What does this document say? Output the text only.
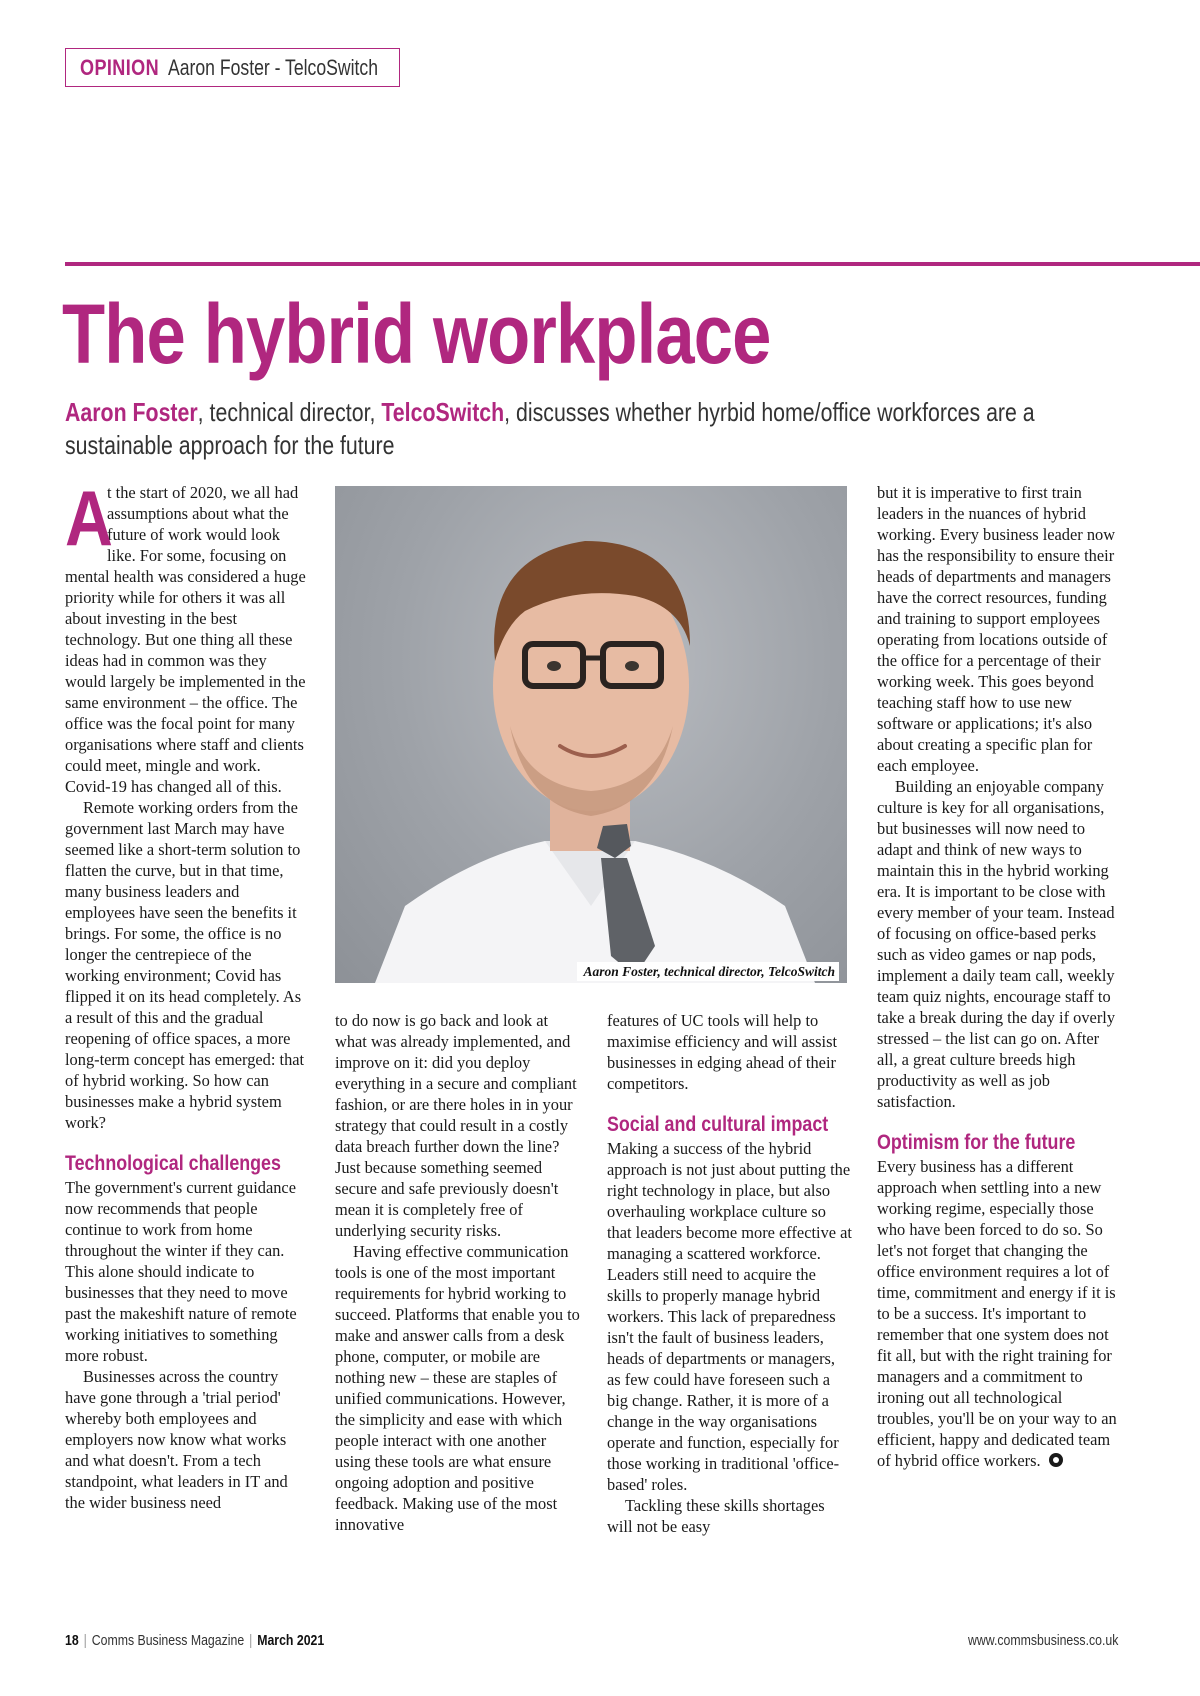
OPINION Aaron Foster - TelcoSwitch
The hybrid workplace
Aaron Foster, technical director, TelcoSwitch, discusses whether hyrbid home/office workforces are a sustainable approach for the future

A
t the start of 2020, we all had assumptions about what the future of work would look like. For some, focusing on mental health was considered a huge priority while for others it was all about investing in the best technology. But one thing all these ideas had in common was they would largely be implemented in the same environment – the office. The office was the focal point for many organisations where staff and clients could meet, mingle and work. Covid-19 has changed all of this.

Remote working orders from the government last March may have seemed like a short-term solution to flatten the curve, but in that time, many business leaders and employees have seen the benefits it brings. For some, the office is no longer the centrepiece of the working environment; Covid has flipped it on its head completely. As a result of this and the gradual reopening of office spaces, a more long-term concept has emerged: that of hybrid working. So how can businesses make a hybrid system work?

Technological challenges

The government's current guidance now recommends that people continue to work from home throughout the winter if they can. This alone should indicate to businesses that they need to move past the makeshift nature of remote working initiatives to something more robust.

Businesses across the country have gone through a 'trial period' whereby both employees and employers now know what works and what doesn't. From a tech standpoint, what leaders in IT and the wider business need

Aaron Foster, technical director, TelcoSwitch

to do now is go back and look at what was already implemented, and improve on it: did you deploy everything in a secure and compliant fashion, or are there holes in in your strategy that could result in a costly data breach further down the line? Just because something seemed secure and safe previously doesn't mean it is completely free of underlying security risks.

Having effective communication tools is one of the most important requirements for hybrid working to succeed. Platforms that enable you to make and answer calls from a desk phone, computer, or mobile are nothing new – these are staples of unified communications. However, the simplicity and ease with which people interact with one another using these tools are what ensure ongoing adoption and positive feedback. Making use of the most innovative

features of UC tools will help to maximise efficiency and will assist businesses in edging ahead of their competitors.

Social and cultural impact

Making a success of the hybrid approach is not just about putting the right technology in place, but also overhauling workplace culture so that leaders become more effective at managing a scattered workforce. Leaders still need to acquire the skills to properly manage hybrid workers. This lack of preparedness isn't the fault of business leaders, heads of departments or managers, as few could have foreseen such a big change. Rather, it is more of a change in the way organisations operate and function, especially for those working in traditional 'office-based' roles.

Tackling these skills shortages will not be easy

but it is imperative to first train leaders in the nuances of hybrid working. Every business leader now has the responsibility to ensure their heads of departments and managers have the correct resources, funding and training to support employees operating from locations outside of the office for a percentage of their working week. This goes beyond teaching staff how to use new software or applications; it's also about creating a specific plan for each employee.

Building an enjoyable company culture is key for all organisations, but businesses will now need to adapt and think of new ways to maintain this in the hybrid working era. It is important to be close with every member of your team. Instead of focusing on office-based perks such as video games or nap pods, implement a daily team call, weekly team quiz nights, encourage staff to take a break during the day if overly stressed – the list can go on. After all, a great culture breeds high productivity as well as job satisfaction.

Optimism for the future

Every business has a different approach when settling into a new working regime, especially those who have been forced to do so. So let's not forget that changing the office environment requires a lot of time, commitment and energy if it is to be a success. It's important to remember that one system does not fit all, but with the right training for managers and a commitment to ironing out all technological troubles, you'll be on your way to an efficient, happy and dedicated team of hybrid office workers.

18 | Comms Business Magazine | March 2021	www.commsbusiness.co.uk
